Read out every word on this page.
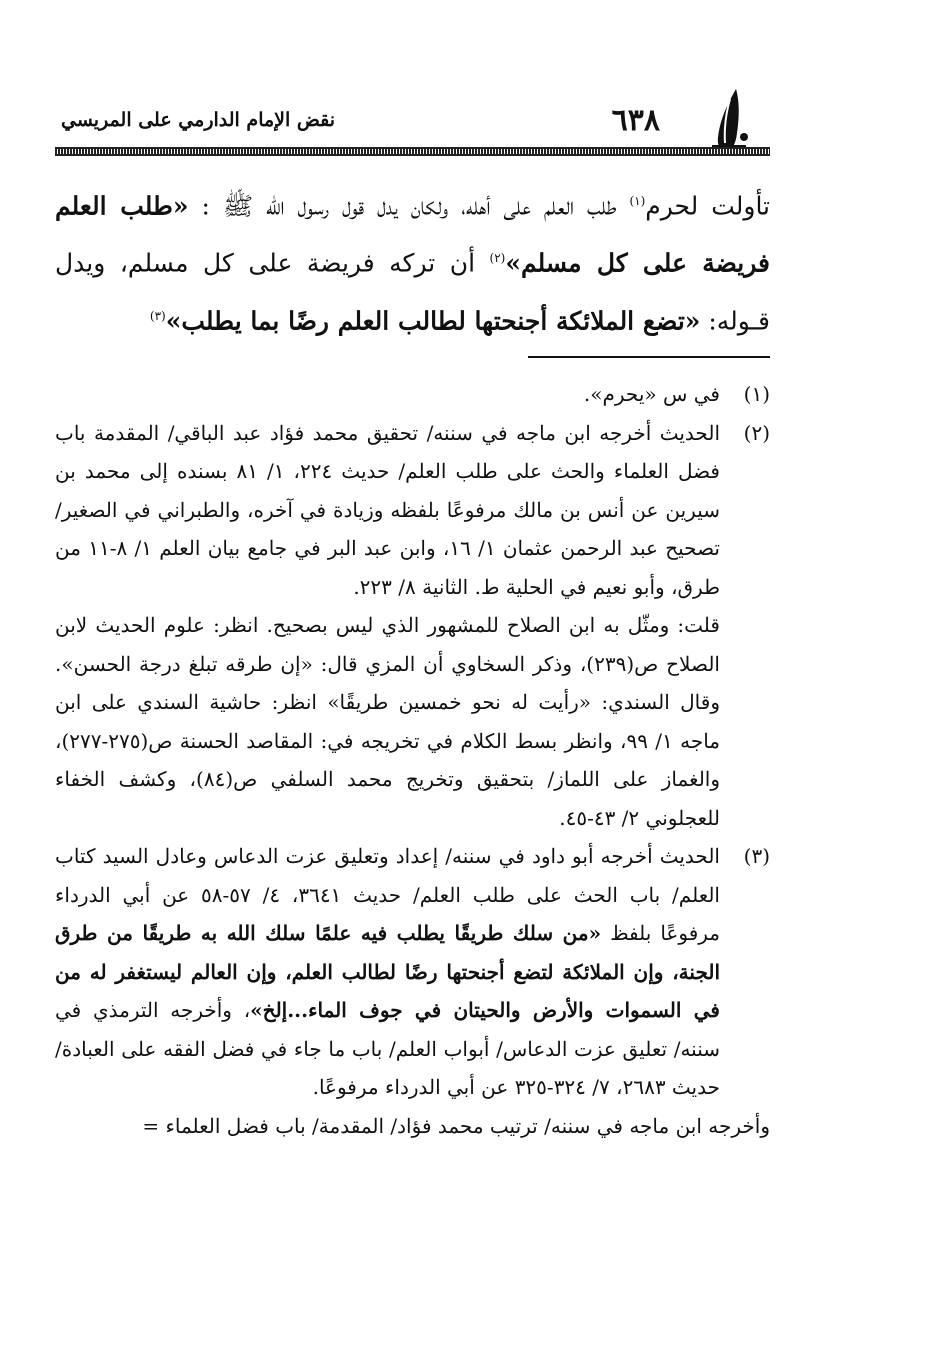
٦٣٨
نقض الإمام الدارمي على المريسي
تأولت لحرم$^{(١)}$ طلب العلم على أهله، ولكان يدل قول رسول الله ﷺ : «طلب العلم فريضة على كل مسلم»$^{(٢)}$ أن تركه فريضة على كل مسلم، ويدل قـوله: «تضع الملائكة أجنحتها لطالب العلم رضًا بما يطلب»$^{(٣)}$
(١)

في س «يحرم».

(٢)

الحديث أخرجه ابن ماجه في سننه/ تحقيق محمد فؤاد عبد الباقي/ المقدمة باب فضل العلماء والحث على طلب العلم/ حديث ٢٢٤، ١/ ٨١ بسنده إلى محمد بن سيرين عن أنس بن مالك مرفوعًا بلفظه وزيادة في آخره، والطبراني في الصغير/ تصحيح عبد الرحمن عثمان ١/ ١٦، وابن عبد البر في جامع بيان العلم ١/ ٨-١١ من طرق، وأبو نعيم في الحلية ط. الثانية ٨/ ٢٢٣.

قلت: ومثّل به ابن الصلاح للمشهور الذي ليس بصحيح. انظر: علوم الحديث لابن الصلاح ص(٢٣٩)، وذكر السخاوي أن المزي قال: «إن طرقه تبلغ درجة الحسن». وقال السندي: «رأيت له نحو خمسين طريقًا» انظر: حاشية السندي على ابن ماجه ١/ ٩٩، وانظر بسط الكلام في تخريجه في: المقاصد الحسنة ص(٢٧٥-٢٧٧)، والغماز على اللماز/ بتحقيق وتخريج محمد السلفي ص(٨٤)، وكشف الخفاء للعجلوني ٢/ ٤٣-٤٥.

(٣)

الحديث أخرجه أبو داود في سننه/ إعداد وتعليق عزت الدعاس وعادل السيد كتاب العلم/ باب الحث على طلب العلم/ حديث ٣٦٤١، ٤/ ٥٧-٥٨ عن أبي الدرداء مرفوعًا بلفظ «من سلك طريقًا يطلب فيه علمًا سلك الله به طريقًا من طرق الجنة، وإن الملائكة لتضع أجنحتها رضًا لطالب العلم، وإن العالم ليستغفر له من في السموات والأرض والحيتان في جوف الماء...إلخ»، وأخرجه الترمذي في سننه/ تعليق عزت الدعاس/ أبواب العلم/ باب ما جاء في فضل الفقه على العبادة/ حديث ٢٦٨٣، ٧/ ٣٢٤-٣٢٥ عن أبي الدرداء مرفوعًا.

وأخرجه ابن ماجه في سننه/ ترتيب محمد فؤاد/ المقدمة/ باب فضل العلماء =
